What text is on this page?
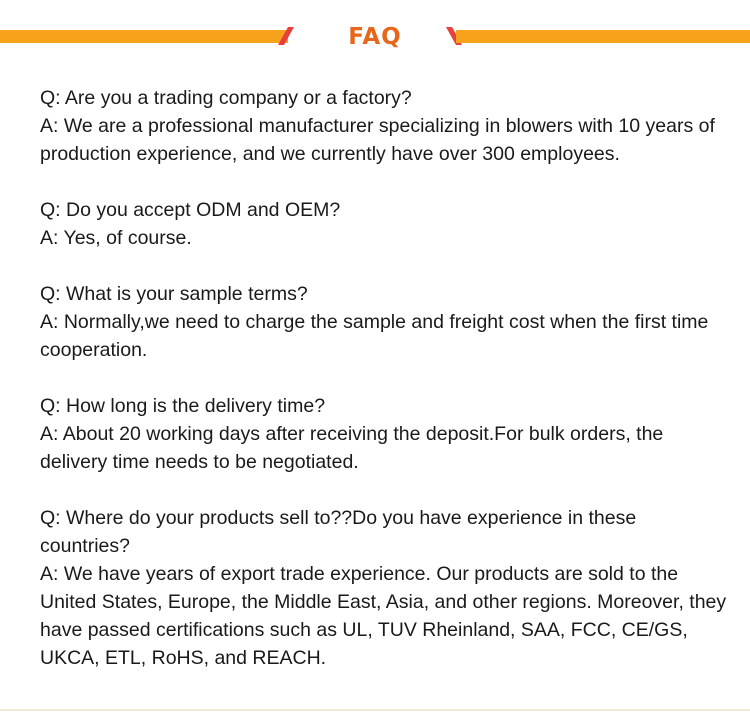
FAQ

Q: Are you a trading company or a factory?

A: We are a professional manufacturer specializing in blowers with 10 years of production experience, and we currently have over 300 employees.

Q: Do you accept ODM and OEM?

A: Yes, of course.

Q: What is your sample terms?

A: Normally,we need to charge the sample and freight cost when the first time cooperation.

Q: How long is the delivery time?

A: About 20 working days after receiving the deposit.For bulk orders, the delivery time needs to be negotiated.

Q: Where do your products sell to??Do you have experience in these countries?

A: We have years of export trade experience. Our products are sold to the United States, Europe, the Middle East, Asia, and other regions. Moreover, they have passed certifications such as UL, TUV Rheinland, SAA, FCC, CE/GS, UKCA, ETL, RoHS, and REACH.
